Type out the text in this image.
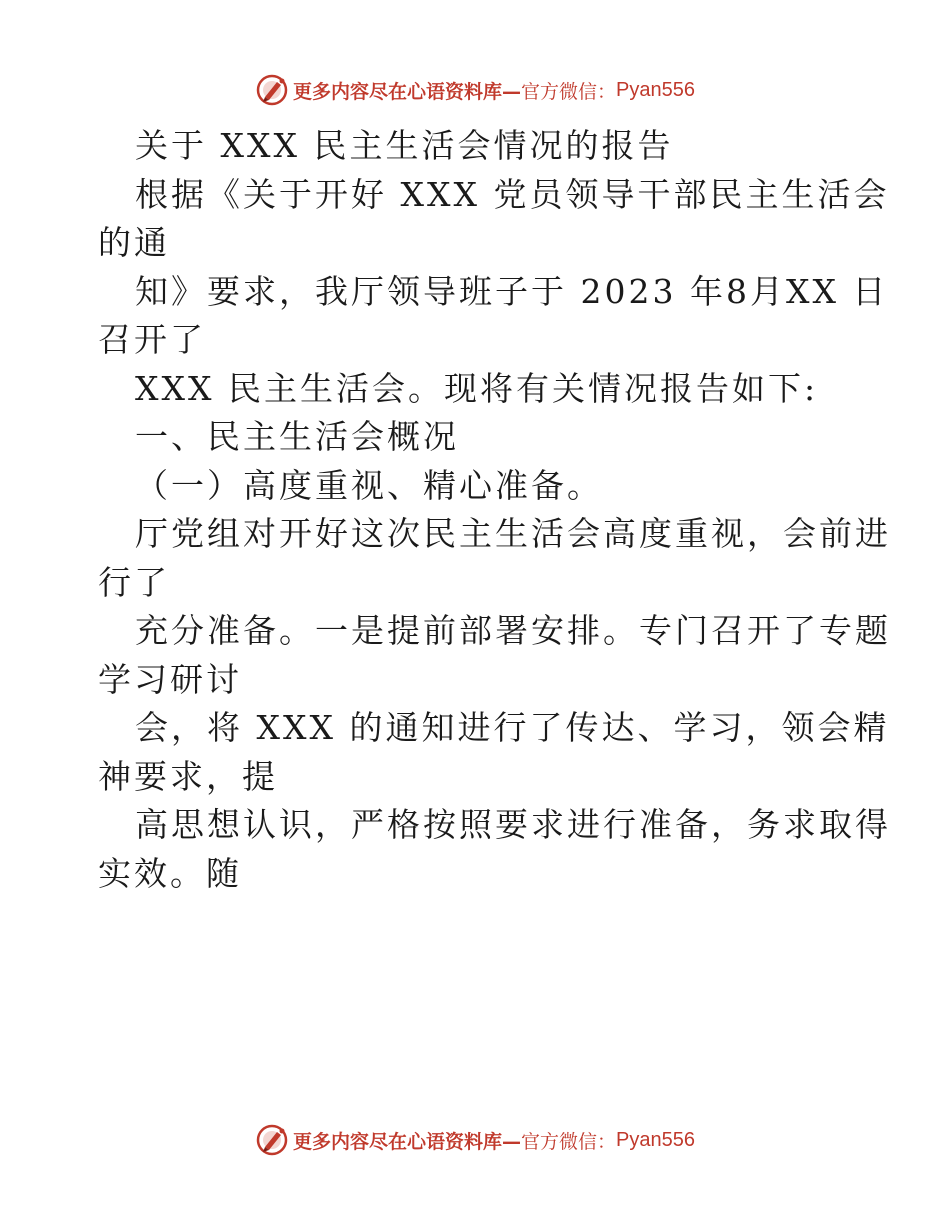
更多内容尽在心语资料库— 官方微信： Pyan556
关于 XXX 民主生活会情况的报告
根据《关于开好 XXX 党员领导干部民主生活会
的通
知》要求，我厅领导班子于 2023 年8月XX 日
召开了
XXX 民主生活会。现将有关情况报告如下:
一、民主生活会概况
（一）高度重视、精心准备。
厅党组对开好这次民主生活会高度重视，会前进
行了
充分准备。一是提前部署安排。专门召开了专题
学习研讨
会，将 XXX 的通知进行了传达、学习，领会精
神要求，提
高思想认识，严格按照要求进行准备，务求取得
实效。随
更多内容尽在心语资料库— 官方微信： Pyan556
